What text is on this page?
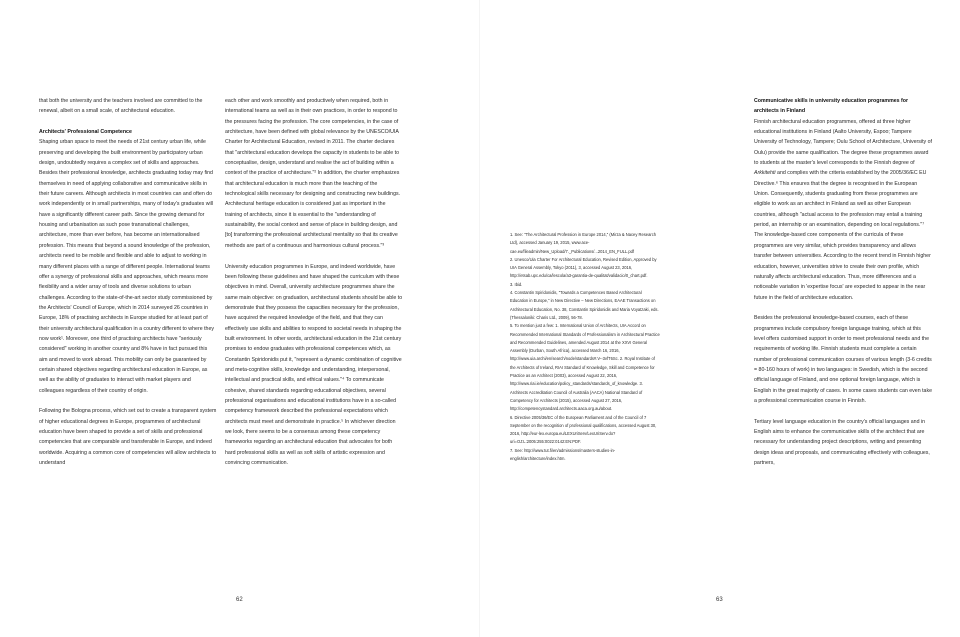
that both the university and the teachers involved are committed to the renewal, albeit on a small scale, of architectural education.

Architects' Professional Competence
Shaping urban space to meet the needs of 21st century urban life, while preserving and developing the built environment by participatory urban design, undoubtedly requires a complex set of skills and approaches. Besides their professional knowledge, architects graduating today may find themselves in need of applying collaborative and communicative skills in their future careers. Although architects in most countries can and often do work independently or in small partnerships, many of today's graduates will have a significantly different career path. Since the growing demand for housing and urbanisation as such pose transnational challenges, architecture, more than ever before, has become an internationalised profession. This means that beyond a sound knowledge of the profession, architects need to be mobile and flexible and able to adjust to working in many different places with a range of different people. International teams offer a synergy of professional skills and approaches, which means more flexibility and a wider array of tools and diverse solutions to urban challenges. According to the state-of-the-art sector study commissioned by the Architects' Council of Europe, which in 2014 surveyed 26 countries in Europe, 18% of practising architects in Europe studied for at least part of their university architectural qualification in a country different to where they now work¹. Moreover, one third of practising architects have "seriously considered" working in another country and 8% have in fact pursued this aim and moved to work abroad. This mobility can only be guaranteed by certain shared objectives regarding architectural education in Europe, as well as the ability of graduates to interact with market players and colleagues regardless of their country of origin.

Following the Bologna process, which set out to create a transparent system of higher educational degrees in Europe, programmes of architectural education have been shaped to provide a set of skills and professional competencies that are comparable and transferable in Europe, and indeed worldwide. Acquiring a common core of competencies will allow architects to understand

each other and work smoothly and productively when required, both in international teams as well as in their own practices, in order to respond to the pressures facing the profession. The core competencies, in the case of architecture, have been defined with global relevance by the UNESCO/UIA Charter for Architectural Education, revised in 2011. The charter declares that "architectural education develops the capacity in students to be able to conceptualise, design, understand and realise the act of building within a context of the practice of architecture."² In addition, the charter emphasizes that architectural education is much more than the teaching of the technological skills necessary for designing and constructing new buildings. Architectural heritage education is considered just as important in the training of architects, since it is essential to the "understanding of sustainability, the social context and sense of place in building design, and [to] transforming the professional architectural mentality so that its creative methods are part of a continuous and harmonious cultural process."³

University education programmes in Europe, and indeed worldwide, have been following these guidelines and have shaped the curriculum with these objectives in mind. Overall, university architecture programmes share the same main objective: on graduation, architectural students should be able to demonstrate that they possess the capacities necessary for the profession, have acquired the required knowledge of the field, and that they can effectively use skills and abilities to respond to societal needs in shaping the built environment. In other words, architectural education in the 21st century promises to endow graduates with professional competences which, as Constantin Spiridonidis put it, "represent a dynamic combination of cognitive and meta-cognitive skills, knowledge and understanding, interpersonal, intellectual and practical skills, and ethical values."⁴ To communicate cohesive, shared standards regarding educational objectives, several professional organisations and educational institutions have in a so-called competency framework described the professional expectations which architects must meet and demonstrate in practice.⁵ In whichever direction we look, there seems to be a consensus among these competency frameworks regarding an architectural education that advocates for both hard professional skills as well as soft skills of artistic expression and convincing communication.

62

1. See: "The Architectural Profession in Europe 2014," (Mirza & Nacey Research Ltd), accessed January 19, 2015, www.ace-cae.eu/fileadmin/New_Upload/7._Publications/...2014_EN_FULL.pdf

2. Unesco/Uia Charter For Architectural Education, Revised Edition, Approved by UIA General Assembly, Tokyo (2011), 3, accessed August 23, 2016, http://etsab.upc.edu/ca/lescola/a3-garantia-de-qualitat/validacio/0_chart.pdf.

3. Ibid.

4. Constantin Spiridonidis, "Towards a Competences Based Architectural Education in Europe," in New Directive – New Directions, EAAE Transactions on Architectural Education, No. 38, Constantin Spiridonidis and Maria Voyatzaki, eds. (Thessaloniki: Charis Ltd., 2009), 56-78.

5. To mention just a few: 1. International Union of Architects, UIA Accord on Recommended International Standards of Professionalism in Architectural Practice and Recommended Guidelines, amended August 2014 at the XXVI General Assembly (Durban, South Africa), accessed March 16, 2016, http://www.uia.archi/en/search/node/standards#.V--3vfT6Sc. 2. Royal Institute of the Architects of Ireland, RIAI Standard of Knowledge, Skill and Competence for Practice as an Architect (2003), accessed August 22, 2016, http://www.riai.ie/education/policy_standards/standards_of_knowledge. 3. Architects Accreditation Council of Australia (AACA) National Standard of Competency for Architects (2015), accessed August 27, 2016, http://competencystandard.architects.aaca.org.au/about.

6. Directive 2005/36/EC of the European Parliament and of the Council of 7 September on the recognition of professional qualifications, accessed August 30, 2016, http://eur-lex.europa.eu/LEXUriServ/LexUriServ.do?uri=OJ:L:2005:255:0022:0142:EN:PDF.

7. See: http://www.tut.fi/en/admissions/masters-studies-in-english/architecture/index.htm.

Communicative skills in university education programmes for architects in Finland
Finnish architectural education programmes, offered at three higher educational institutions in Finland (Aalto University, Espoo; Tampere University of Technology, Tampere; Oulu School of Architecture, University of Oulu) provide the same qualification. The degree these programmes award to students at the master's level corresponds to the Finnish degree of Arkkitehti and complies with the criteria established by the 2005/36/EC EU Directive.⁶ This ensures that the degree is recognised in the European Union. Consequently, students graduating from these programmes are eligible to work as an architect in Finland as well as other European countries, although "actual access to the profession may entail a training period, an internship or an examination, depending on local regulations."⁷ The knowledge-based core components of the curricula of these programmes are very similar, which provides transparency and allows transfer between universities. According to the recent trend in Finnish higher education, however, universities strive to create their own profile, which naturally affects architectural education. Thus, more differences and a noticeable variation in 'expertise focus' are expected to appear in the near future in the field of architecture education.

Besides the professional knowledge-based courses, each of these programmes include compulsory foreign language training, which at this level offers customised support in order to meet professional needs and the requirements of working life. Finnish students must complete a certain number of professional communication courses of various length (3-6 credits = 80-160 hours of work) in two languages: in Swedish, which is the second official language of Finland, and one optional foreign language, which is English in the great majority of cases. In some cases students can even take a professional communication course in Finnish.

Tertiary level language education in the country's official languages and in English aims to enhance the communicative skills of the architect that are necessary for understanding project descriptions, writing and presenting design ideas and proposals, and communicating effectively with colleagues, partners,

63
